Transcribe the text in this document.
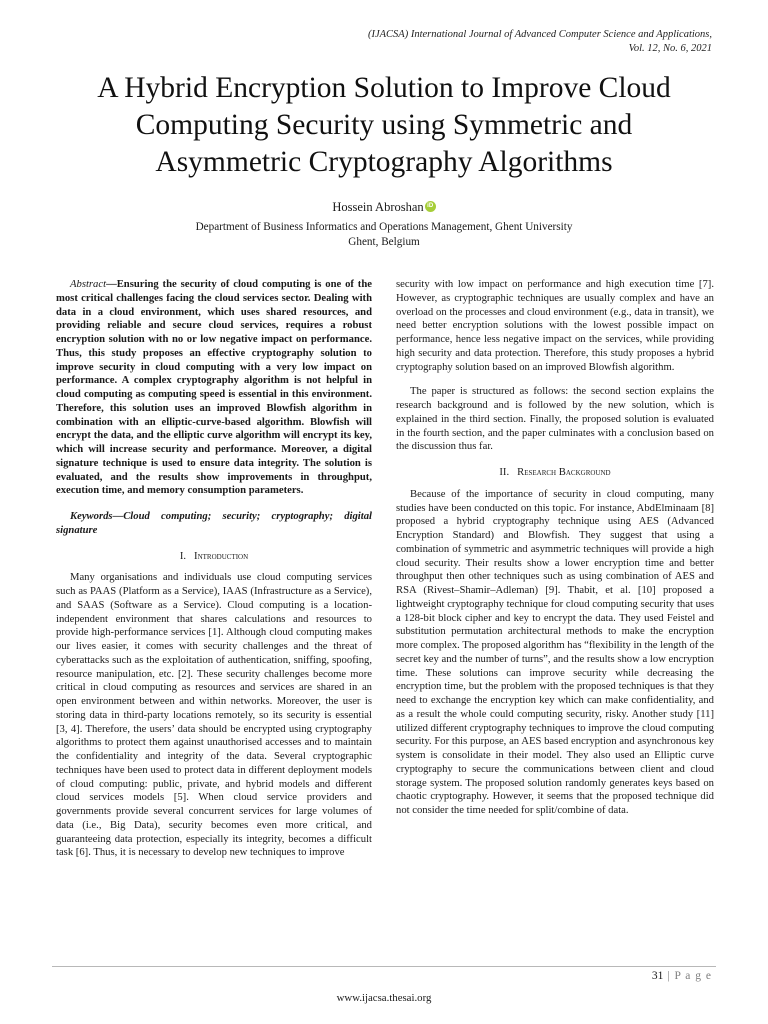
(IJACSA) International Journal of Advanced Computer Science and Applications,
Vol. 12, No. 6, 2021
A Hybrid Encryption Solution to Improve Cloud
Computing Security using Symmetric and
Asymmetric Cryptography Algorithms
Hossein AbroshaniD
Department of Business Informatics and Operations Management, Ghent University
Ghent, Belgium

Abstract—Ensuring the security of cloud computing is one of the most critical challenges facing the cloud services sector. Dealing with data in a cloud environment, which uses shared resources, and providing reliable and secure cloud services, requires a robust encryption solution with no or low negative impact on performance. Thus, this study proposes an effective cryptography solution to improve security in cloud computing with a very low impact on performance. A complex cryptography algorithm is not helpful in cloud computing as computing speed is essential in this environment. Therefore, this solution uses an improved Blowfish algorithm in combination with an elliptic-curve-based algorithm. Blowfish will encrypt the data, and the elliptic curve algorithm will encrypt its key, which will increase security and performance. Moreover, a digital signature technique is used to ensure data integrity. The solution is evaluated, and the results show improvements in throughput, execution time, and memory consumption parameters.

Keywords—Cloud computing; security; cryptography; digital signature

I. Introduction

Many organisations and individuals use cloud computing services such as PAAS (Platform as a Service), IAAS (Infrastructure as a Service), and SAAS (Software as a Service). Cloud computing is a location-independent environment that shares calculations and resources to provide high-performance services [1]. Although cloud computing makes our lives easier, it comes with security challenges and the threat of cyberattacks such as the exploitation of authentication, sniffing, spoofing, resource manipulation, etc. [2]. These security challenges become more critical in cloud computing as resources and services are shared in an open environment between and within networks. Moreover, the user is storing data in third-party locations remotely, so its security is essential [3, 4]. Therefore, the users’ data should be encrypted using cryptography algorithms to protect them against unauthorised accesses and to maintain the confidentiality and integrity of the data. Several cryptographic techniques have been used to protect data in different deployment models of cloud computing: public, private, and hybrid models and different cloud services models [5]. When cloud service providers and governments provide several concurrent services for large volumes of data (i.e., Big Data), security becomes even more critical, and guaranteeing data protection, especially its integrity, becomes a difficult task [6]. Thus, it is necessary to develop new techniques to improve

security with low impact on performance and high execution time [7]. However, as cryptographic techniques are usually complex and have an overload on the processes and cloud environment (e.g., data in transit), we need better encryption solutions with the lowest possible impact on performance, hence less negative impact on the services, while providing high security and data protection. Therefore, this study proposes a hybrid cryptography solution based on an improved Blowfish algorithm.

The paper is structured as follows: the second section explains the research background and is followed by the new solution, which is explained in the third section. Finally, the proposed solution is evaluated in the fourth section, and the paper culminates with a conclusion based on the discussion thus far.

II. Research Background

Because of the importance of security in cloud computing, many studies have been conducted on this topic. For instance, AbdElminaam [8] proposed a hybrid cryptography technique using AES (Advanced Encryption Standard) and Blowfish. They suggest that using a combination of symmetric and asymmetric techniques will provide a high cloud security. Their results show a lower encryption time and better throughput then other techniques such as using combination of AES and RSA (Rivest–Shamir–Adleman) [9]. Thabit, et al. [10] proposed a lightweight cryptography technique for cloud computing security that uses a 128-bit block cipher and key to encrypt the data. They used Feistel and substitution permutation architectural methods to make the encryption more complex. The proposed algorithm has “flexibility in the length of the secret key and the number of turns”, and the results show a low encryption time. These solutions can improve security while decreasing the encryption time, but the problem with the proposed techniques is that they need to exchange the encryption key which can make confidentiality, and as a result the whole could computing security, risky. Another study [11] utilized different cryptography techniques to improve the cloud computing security. For this purpose, an AES based encryption and asynchronous key system is consolidate in their model. They also used an Elliptic curve cryptography to secure the communications between client and cloud storage system. The proposed solution randomly generates keys based on chaotic cryptography. However, it seems that the proposed technique did not consider the time needed for split/combine of data.

31 | P a g e
www.ijacsa.thesai.org
